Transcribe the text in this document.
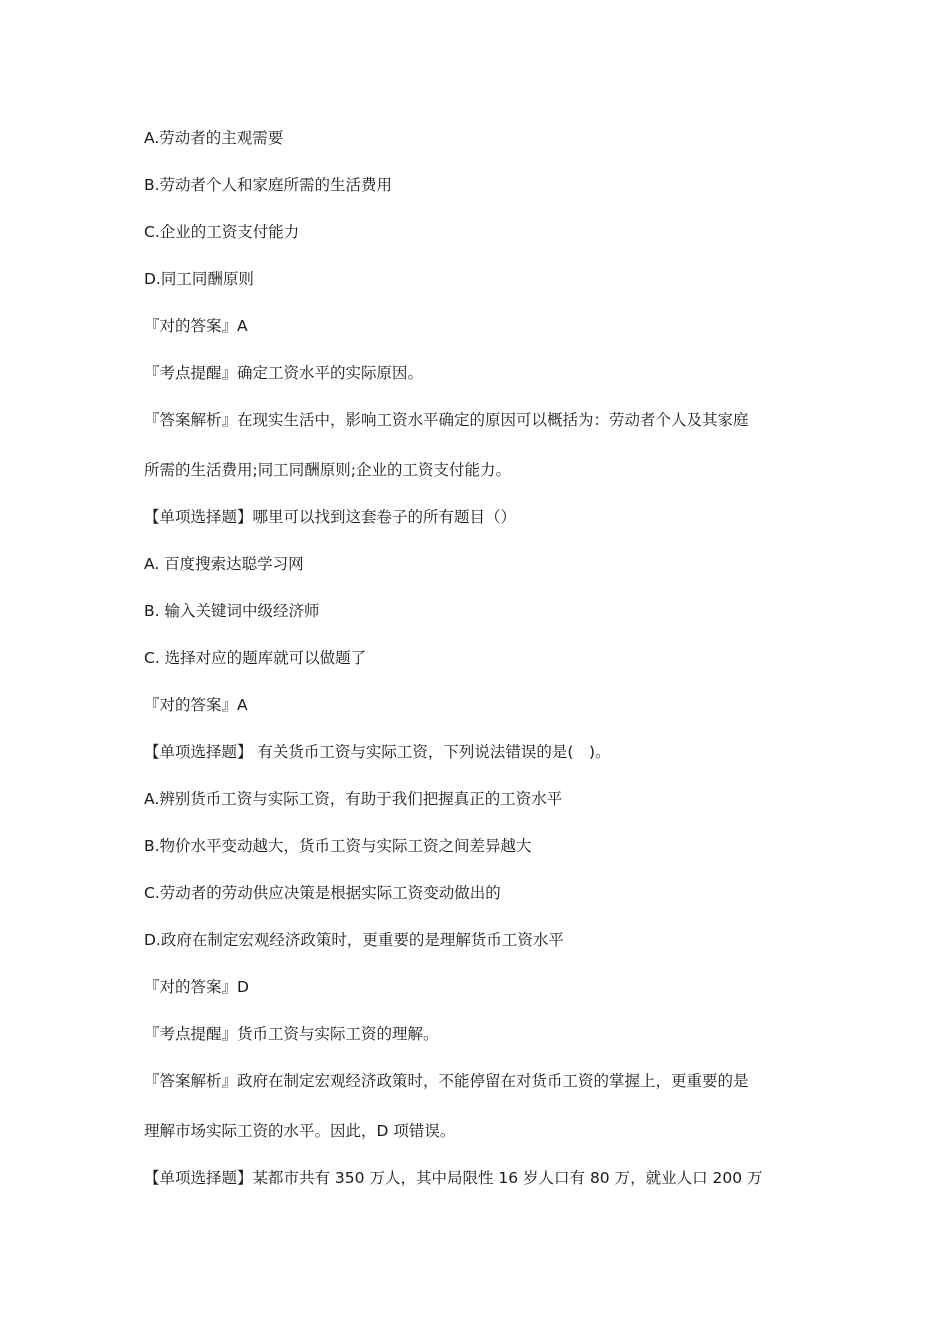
A.劳动者的主观需要
B.劳动者个人和家庭所需的生活费用
C.企业的工资支付能力
D.同工同酬原则
『对的答案』A
『考点提醒』确定工资水平的实际原因。
『答案解析』在现实生活中，影响工资水平确定的原因可以概括为：劳动者个人及其家庭
所需的生活费用;同工同酬原则;企业的工资支付能力。
【单项选择题】哪里可以找到这套卷子的所有题目（）
A. 百度搜索达聪学习网
B. 输入关键词中级经济师
C. 选择对应的题库就可以做题了
『对的答案』A
【单项选择题】 有关货币工资与实际工资，下列说法错误的是(　)。
A.辨别货币工资与实际工资，有助于我们把握真正的工资水平
B.物价水平变动越大，货币工资与实际工资之间差异越大
C.劳动者的劳动供应决策是根据实际工资变动做出的
D.政府在制定宏观经济政策时，更重要的是理解货币工资水平
『对的答案』D
『考点提醒』货币工资与实际工资的理解。
『答案解析』政府在制定宏观经济政策时，不能停留在对货币工资的掌握上，更重要的是
理解市场实际工资的水平。因此，D 项错误。
【单项选择题】某都市共有 350 万人，其中局限性 16 岁人口有 80 万，就业人口 200 万
